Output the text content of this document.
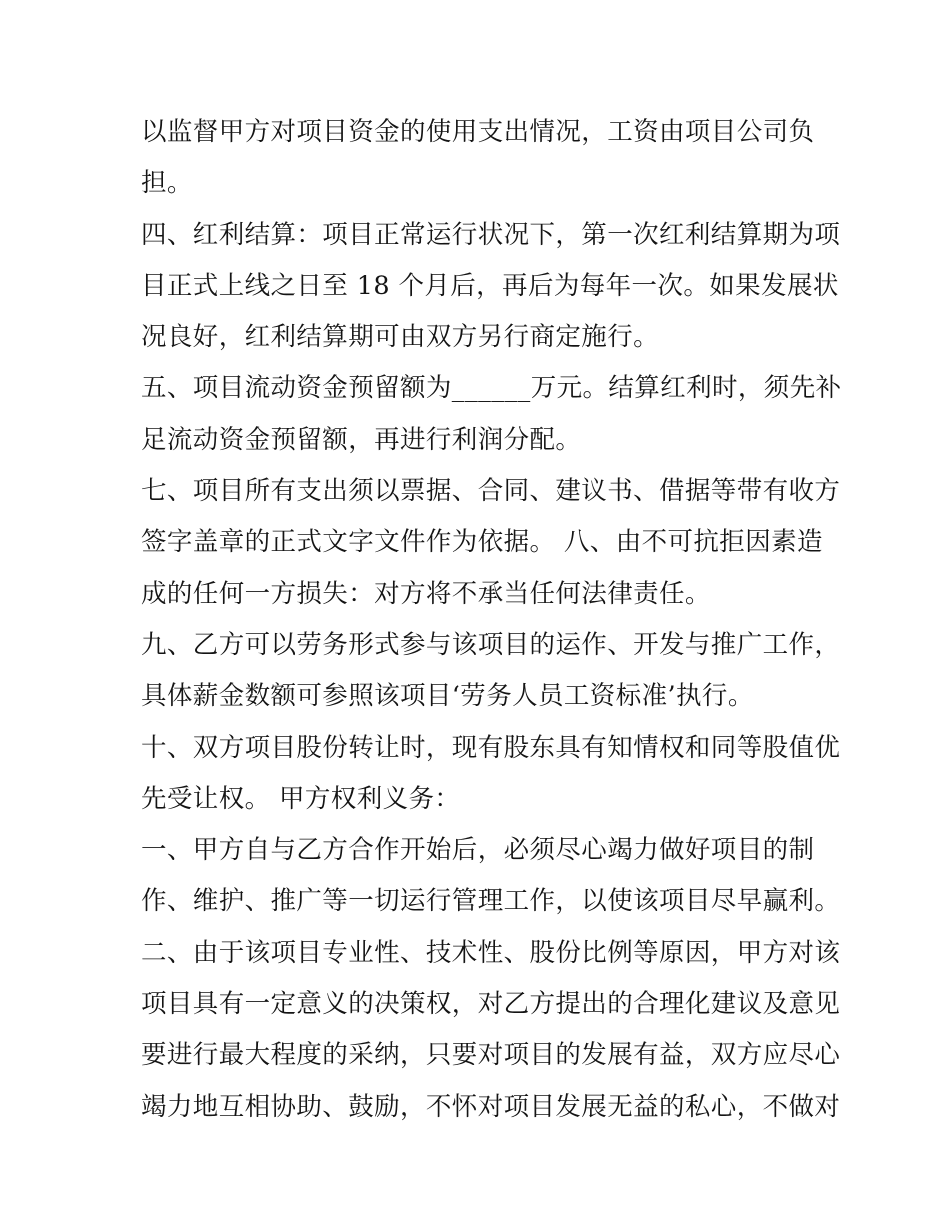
以监督甲方对项目资金的使用支出情况，工资由项目公司负
担。
四、红利结算：项目正常运行状况下，第一次红利结算期为项
目正式上线之日至 18 个月后，再后为每年一次。如果发展状
况良好，红利结算期可由双方另行商定施行。
五、项目流动资金预留额为______万元。结算红利时，须先补
足流动资金预留额，再进行利润分配。
七、项目所有支出须以票据、合同、建议书、借据等带有收方
签字盖章的正式文字文件作为依据。 八、由不可抗拒因素造
成的任何一方损失：对方将不承当任何法律责任。
九、乙方可以劳务形式参与该项目的运作、开发与推广工作，
具体薪金数额可参照该项目‘劳务人员工资标准’执行。
十、双方项目股份转让时，现有股东具有知情权和同等股值优
先受让权。 甲方权利义务：
一、甲方自与乙方合作开始后，必须尽心竭力做好项目的制
作、维护、推广等一切运行管理工作，以使该项目尽早赢利。
二、由于该项目专业性、技术性、股份比例等原因，甲方对该
项目具有一定意义的决策权，对乙方提出的合理化建议及意见
要进行最大程度的采纳，只要对项目的发展有益，双方应尽心
竭力地互相协助、鼓励，不怀对项目发展无益的私心，不做对
